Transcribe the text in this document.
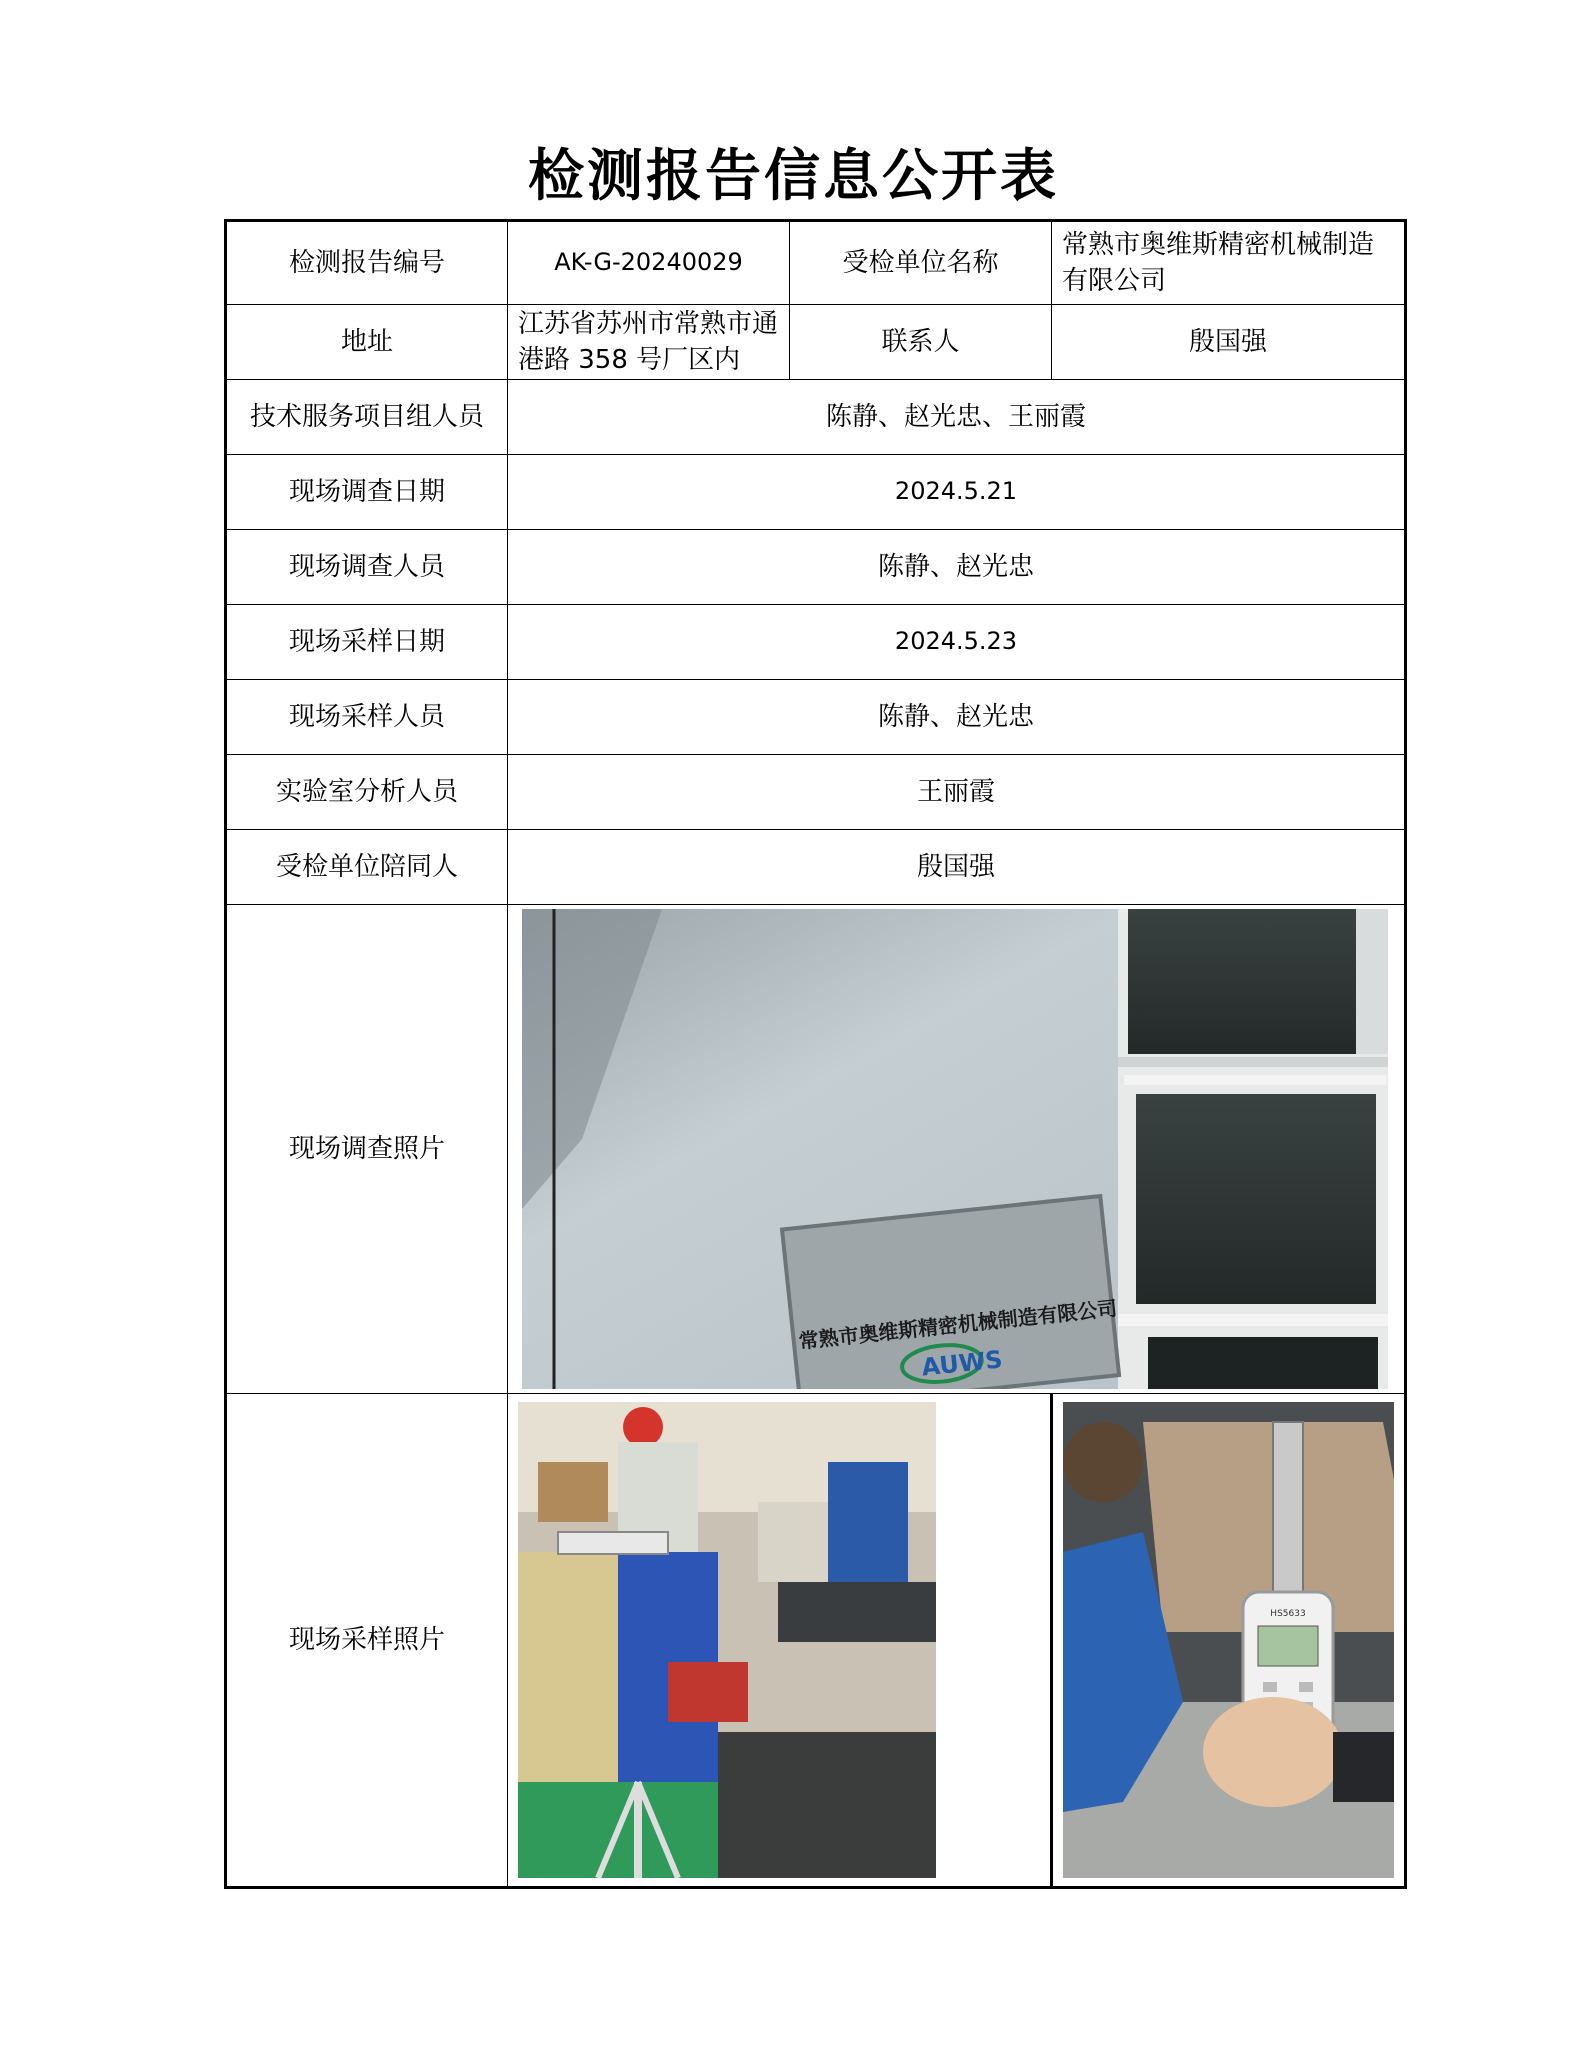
检测报告信息公开表
检测报告编号	AK-G-20240029	受检单位名称	常熟市奥维斯精密机械制造有限公司
地址	江苏省苏州市常熟市通港路 358 号厂区内	联系人	殷国强
技术服务项目组人员	陈静、赵光忠、王丽霞		
现场调查日期	2024.5.21		
现场调查人员	陈静、赵光忠		
现场采样日期	2024.5.23		
现场采样人员	陈静、赵光忠		
实验室分析人员	王丽霞		
受检单位陪同人	殷国强		
现场调查照片	常熟市奥维斯精密机械制造有限公司
AUWS		

现场采样照片			HS5633
